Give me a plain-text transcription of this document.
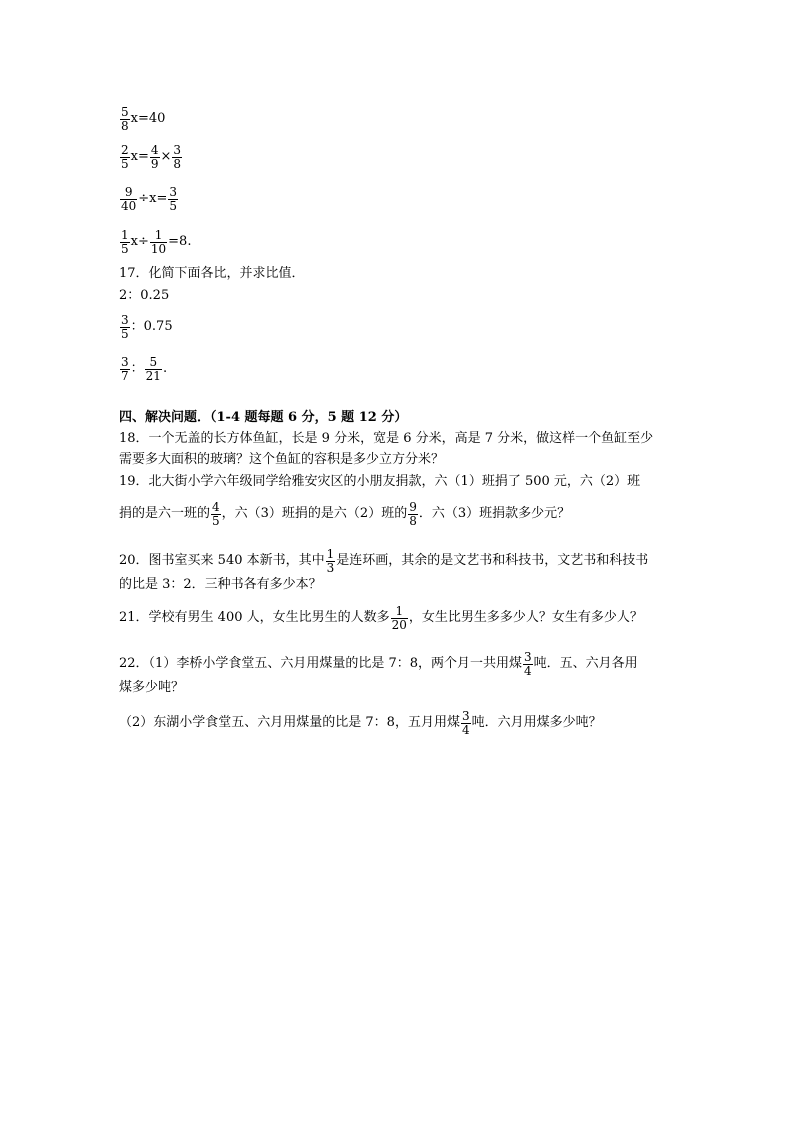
$\frac{5}{8} x=40$
$\frac{2}{5} x= \frac{4}{9} \times \frac{3}{8}$
$\frac{9}{40} \div x= \frac{3}{5}$
$\frac{1}{5} x\div \frac{1}{10} =8$.
17．化简下面各比，并求比值．
2：0.25
$\frac{3}{5}$ ：0.75
$\frac{3}{7}$ ： $\frac{5}{21}$ .
四、解决问题．（1-4 题每题 6 分，5 题 12 分）
18．一个无盖的长方体鱼缸，长是 9 分米，宽是 6 分米，高是 7 分米，做这样一个鱼缸至少
需要多大面积的玻璃？这个鱼缸的容积是多少立方分米？
19．北大街小学六年级同学给雅安灾区的小朋友捐款，六（1）班捐了 500 元，六（2）班
捐的是六一班的 $\frac{4}{5}$ ，六（3）班捐的是六（2）班的 $\frac{9}{8}$ ．六（3）班捐款多少元？
20．图书室买来 540 本新书，其中 $\frac{1}{3}$ 是连环画，其余的是文艺书和科技书，文艺书和科技书
的比是 3：2．三种书各有多少本？
21．学校有男生 400 人，女生比男生的人数多 $\frac{1}{20}$ ，女生比男生多多少人？女生有多少人？
22．（1）李桥小学食堂五、六月用煤量的比是 7：8，两个月一共用煤 $\frac{3}{4}$ 吨．五、六月各用
煤多少吨？
（2）东湖小学食堂五、六月用煤量的比是 7：8，五月用煤 $\frac{3}{4}$ 吨．六月用煤多少吨？
